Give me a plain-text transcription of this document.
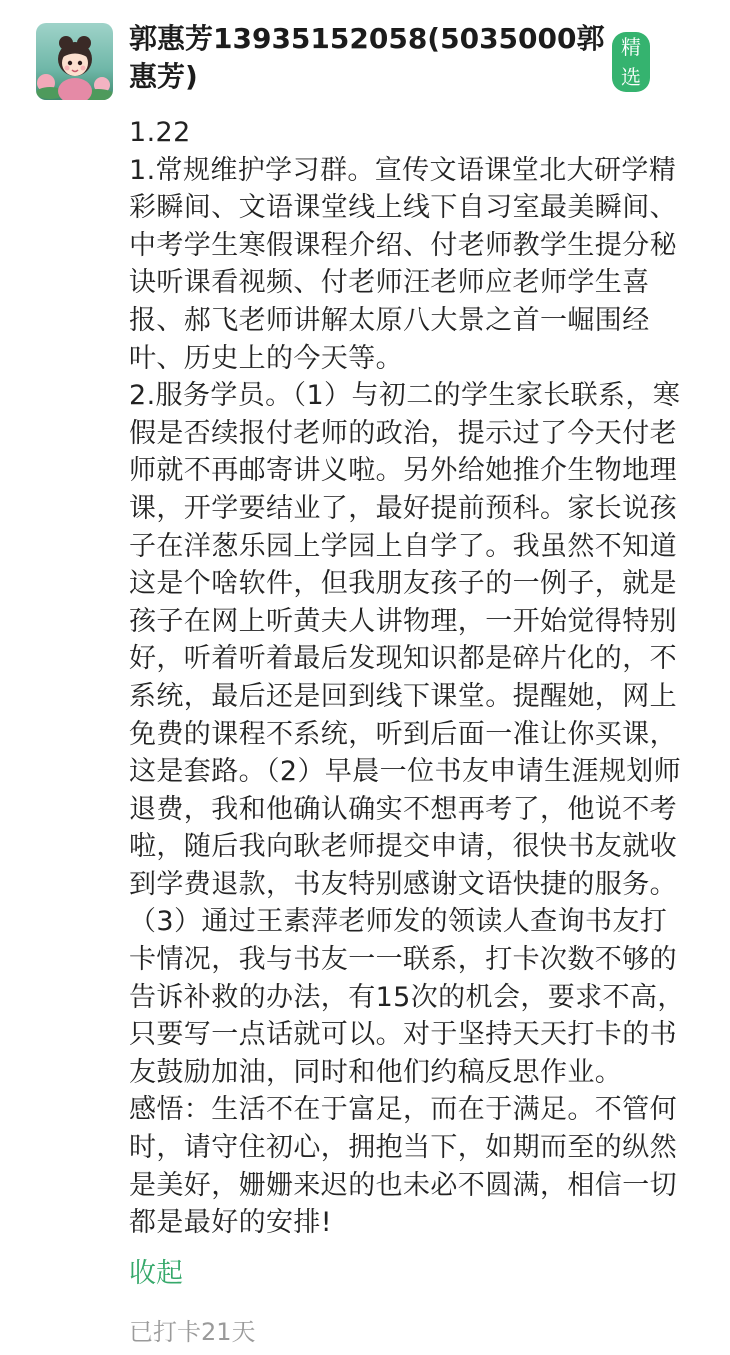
郭惠芳13935152058(5035000郭惠芳)
精选

1.22

1.常规维护学习群。宣传文语课堂北大研学精彩瞬间、文语课堂线上线下自习室最美瞬间、中考学生寒假课程介绍、付老师教学生提分秘诀听课看视频、付老师汪老师应老师学生喜报、郝飞老师讲解太原八大景之首一崛围经叶、历史上的今天等。

2.服务学员。（1）与初二的学生家长联系，寒假是否续报付老师的政治，提示过了今天付老师就不再邮寄讲义啦。另外给她推介生物地理课，开学要结业了，最好提前预科。家长说孩子在洋葱乐园上学园上自学了。我虽然不知道这是个啥软件，但我朋友孩子的一例子，就是孩子在网上听黄夫人讲物理，一开始觉得特别好，听着听着最后发现知识都是碎片化的，不系统，最后还是回到线下课堂。提醒她，网上免费的课程不系统，听到后面一准让你买课，这是套路。（2）早晨一位书友申请生涯规划师退费，我和他确认确实不想再考了，他说不考啦，随后我向耿老师提交申请，很快书友就收到学费退款，书友特别感谢文语快捷的服务。（3）通过王素萍老师发的领读人查询书友打卡情况，我与书友一一联系，打卡次数不够的告诉补救的办法，有15次的机会，要求不高，只要写一点话就可以。对于坚持天天打卡的书友鼓励加油，同时和他们约稿反思作业。

感悟：生活不在于富足，而在于满足。不管何时，请守住初心，拥抱当下，如期而至的纵然是美好，姗姗来迟的也未必不圆满，相信一切都是最好的安排!

收起
已打卡21天
